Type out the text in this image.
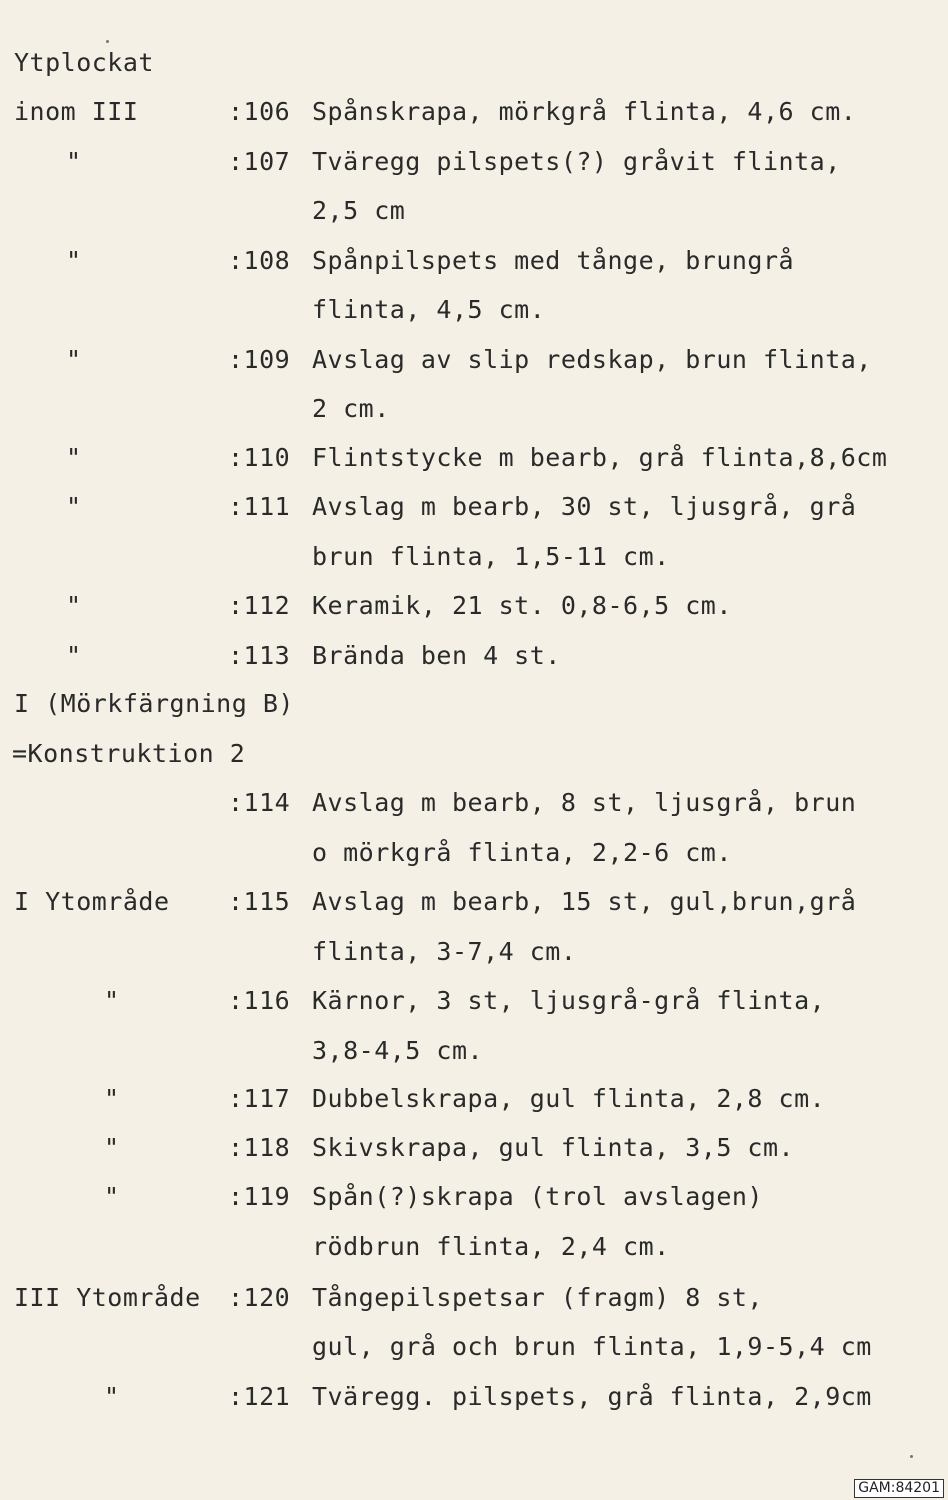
Ytplockat
inom III	:106 Spånskrapa, mörkgrå flinta, 4,6 cm.
"	:107 Tväregg pilspets(?) gråvit flinta,
2,5 cm
"	:108 Spånpilspets med tånge, brungrå
flinta, 4,5 cm.
"	:109 Avslag av slip redskap, brun flinta,
2 cm.
"	:110 Flintstycke m bearb, grå flinta,8,6cm
"	:111 Avslag m bearb, 30 st, ljusgrå, grå
brun flinta, 1,5-11 cm.
"	:112 Keramik, 21 st. 0,8-6,5 cm.
"	:113 Brända ben 4 st.
I (Mörkfärgning B)
=Konstruktion 2
:114 Avslag m bearb, 8 st, ljusgrå, brun
o mörkgrå flinta, 2,2-6 cm.
I Ytområde :115 Avslag m bearb, 15 st, gul,brun,grå
flinta, 3-7,4 cm.
"	:116 Kärnor, 3 st, ljusgrå-grå flinta,
3,8-4,5 cm.
"	:117 Dubbelskrapa, gul flinta, 2,8 cm.
"	:118 Skivskrapa, gul flinta, 3,5 cm.
"	:119 Spån(?)skrapa (trol avslagen)
rödbrun flinta, 2,4 cm.
III Ytområde :120 Tångepilspetsar (fragm) 8 st,
gul, grå och brun flinta, 1,9-5,4 cm
"	:121 Tväregg. pilspets, grå flinta, 2,9cm
GAM:84201
